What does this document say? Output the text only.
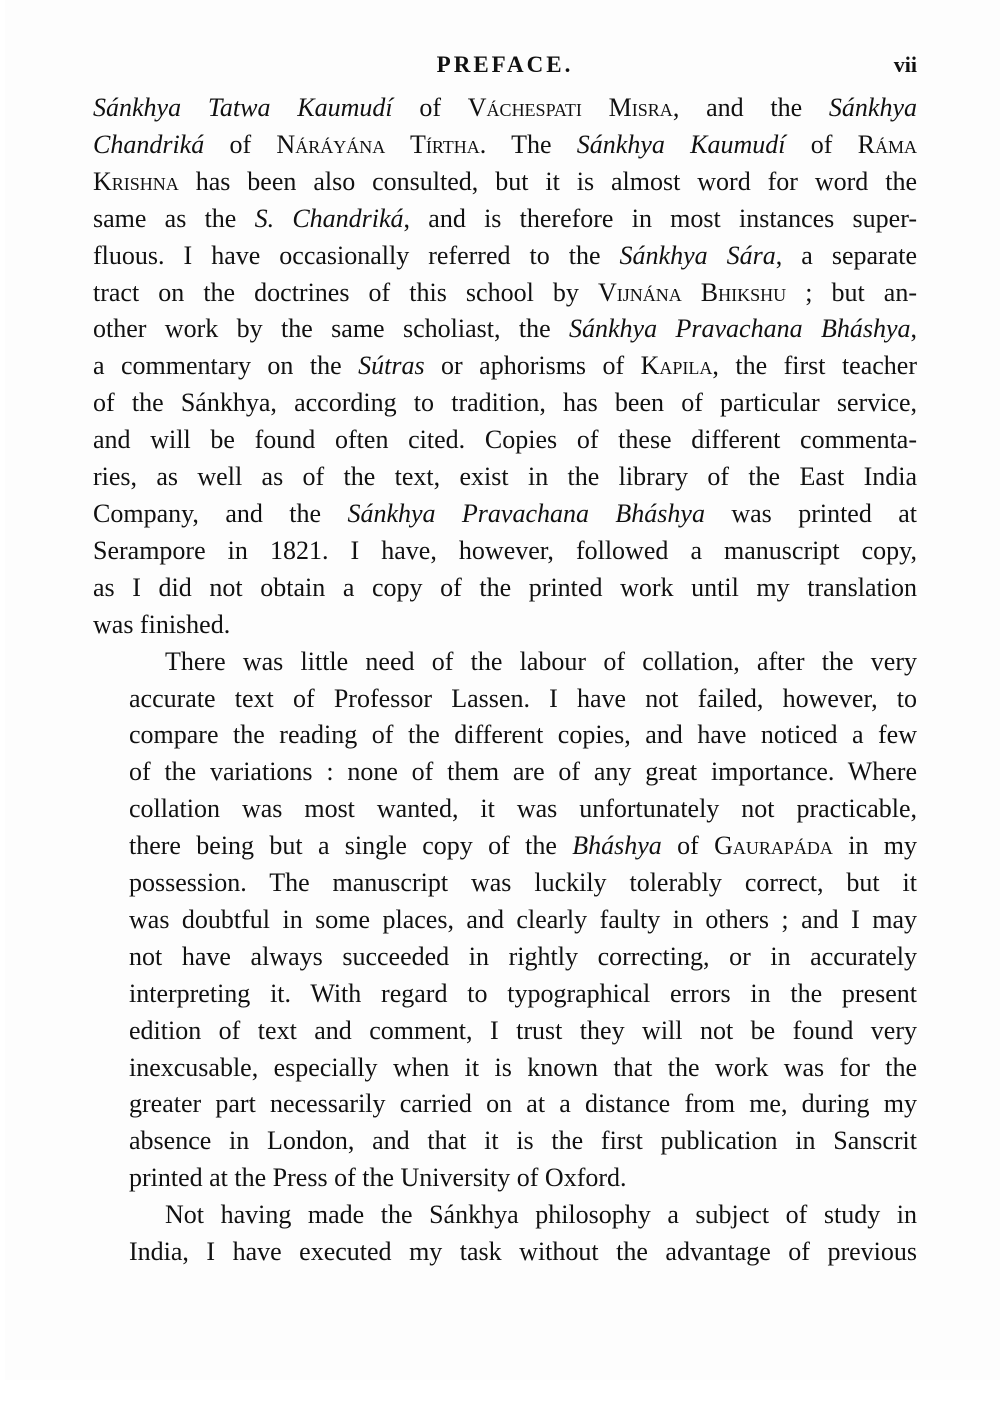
PREFACE.	vii
Sánkhya Tatwa Kaumudí of Váchespati Misra, and the Sánkhya
Chandriká of Náráyána Tírtha. The Sánkhya Kaumudí of Ráma
Krishna has been also consulted, but it is almost word for word the
same as the S. Chandriká, and is therefore in most instances super-
fluous. I have occasionally referred to the Sánkhya Sára, a separate
tract on the doctrines of this school by Vijnána Bhikshu ; but an-
other work by the same scholiast, the Sánkhya Pravachana Bháshya,
a commentary on the Sútras or aphorisms of Kapila, the first teacher
of the Sánkhya, according to tradition, has been of particular service,
and will be found often cited. Copies of these different commenta-
ries, as well as of the text, exist in the library of the East India
Company, and the Sánkhya Pravachana Bháshya was printed at
Serampore in 1821. I have, however, followed a manuscript copy,
as I did not obtain a copy of the printed work until my translation
was finished.
There was little need of the labour of collation, after the very
accurate text of Professor Lassen. I have not failed, however, to
compare the reading of the different copies, and have noticed a few
of the variations : none of them are of any great importance. Where
collation was most wanted, it was unfortunately not practicable,
there being but a single copy of the Bháshya of Gaurapáda in my
possession. The manuscript was luckily tolerably correct, but it
was doubtful in some places, and clearly faulty in others ; and I may
not have always succeeded in rightly correcting, or in accurately
interpreting it. With regard to typographical errors in the present
edition of text and comment, I trust they will not be found very
inexcusable, especially when it is known that the work was for the
greater part necessarily carried on at a distance from me, during my
absence in London, and that it is the first publication in Sanscrit
printed at the Press of the University of Oxford.
Not having made the Sánkhya philosophy a subject of study in
India, I have executed my task without the advantage of previous
